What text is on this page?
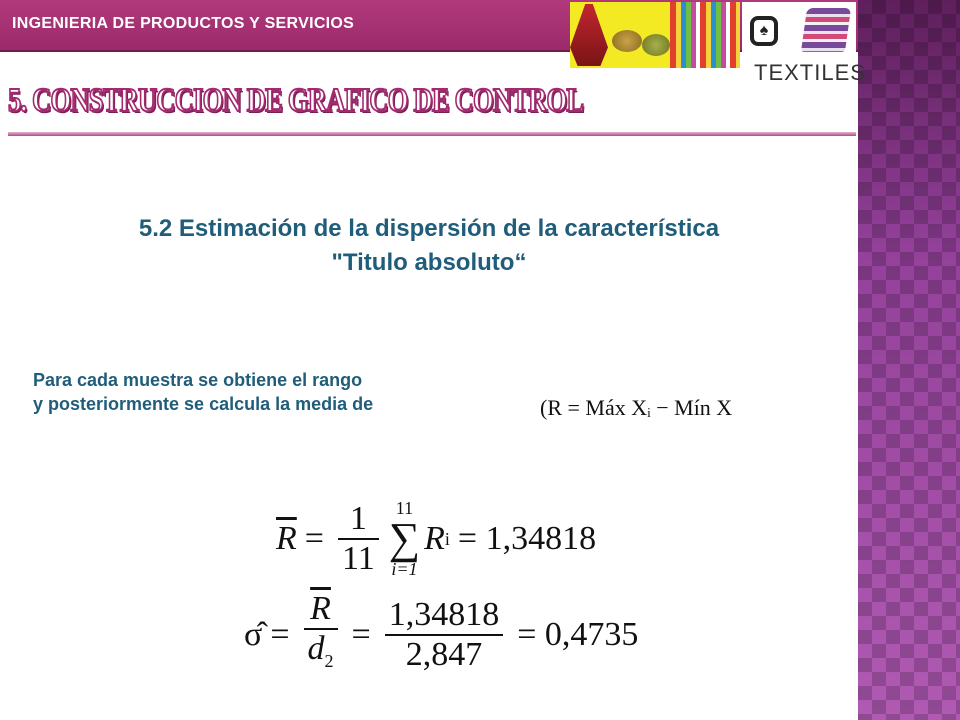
INGENIERIA DE PRODUCTOS Y SERVICIOS	♠
TEXTILES
5. CONSTRUCCION DE GRAFICO DE CONTROL
5.2 Estimación de la dispersión de la característica
"Titulo absoluto“
Para cada muestra se obtiene el rango
y posteriormente se calcula la media de	(R = Máx Xᵢ − Mín X
$\overline{R} = \frac{1}{11} 11$
∑
i=1
R i = 1,34818
σ̂ = $\frac{\overline{R}}{d_2} = \frac{1,34818}{2,847} = 0,4735$
